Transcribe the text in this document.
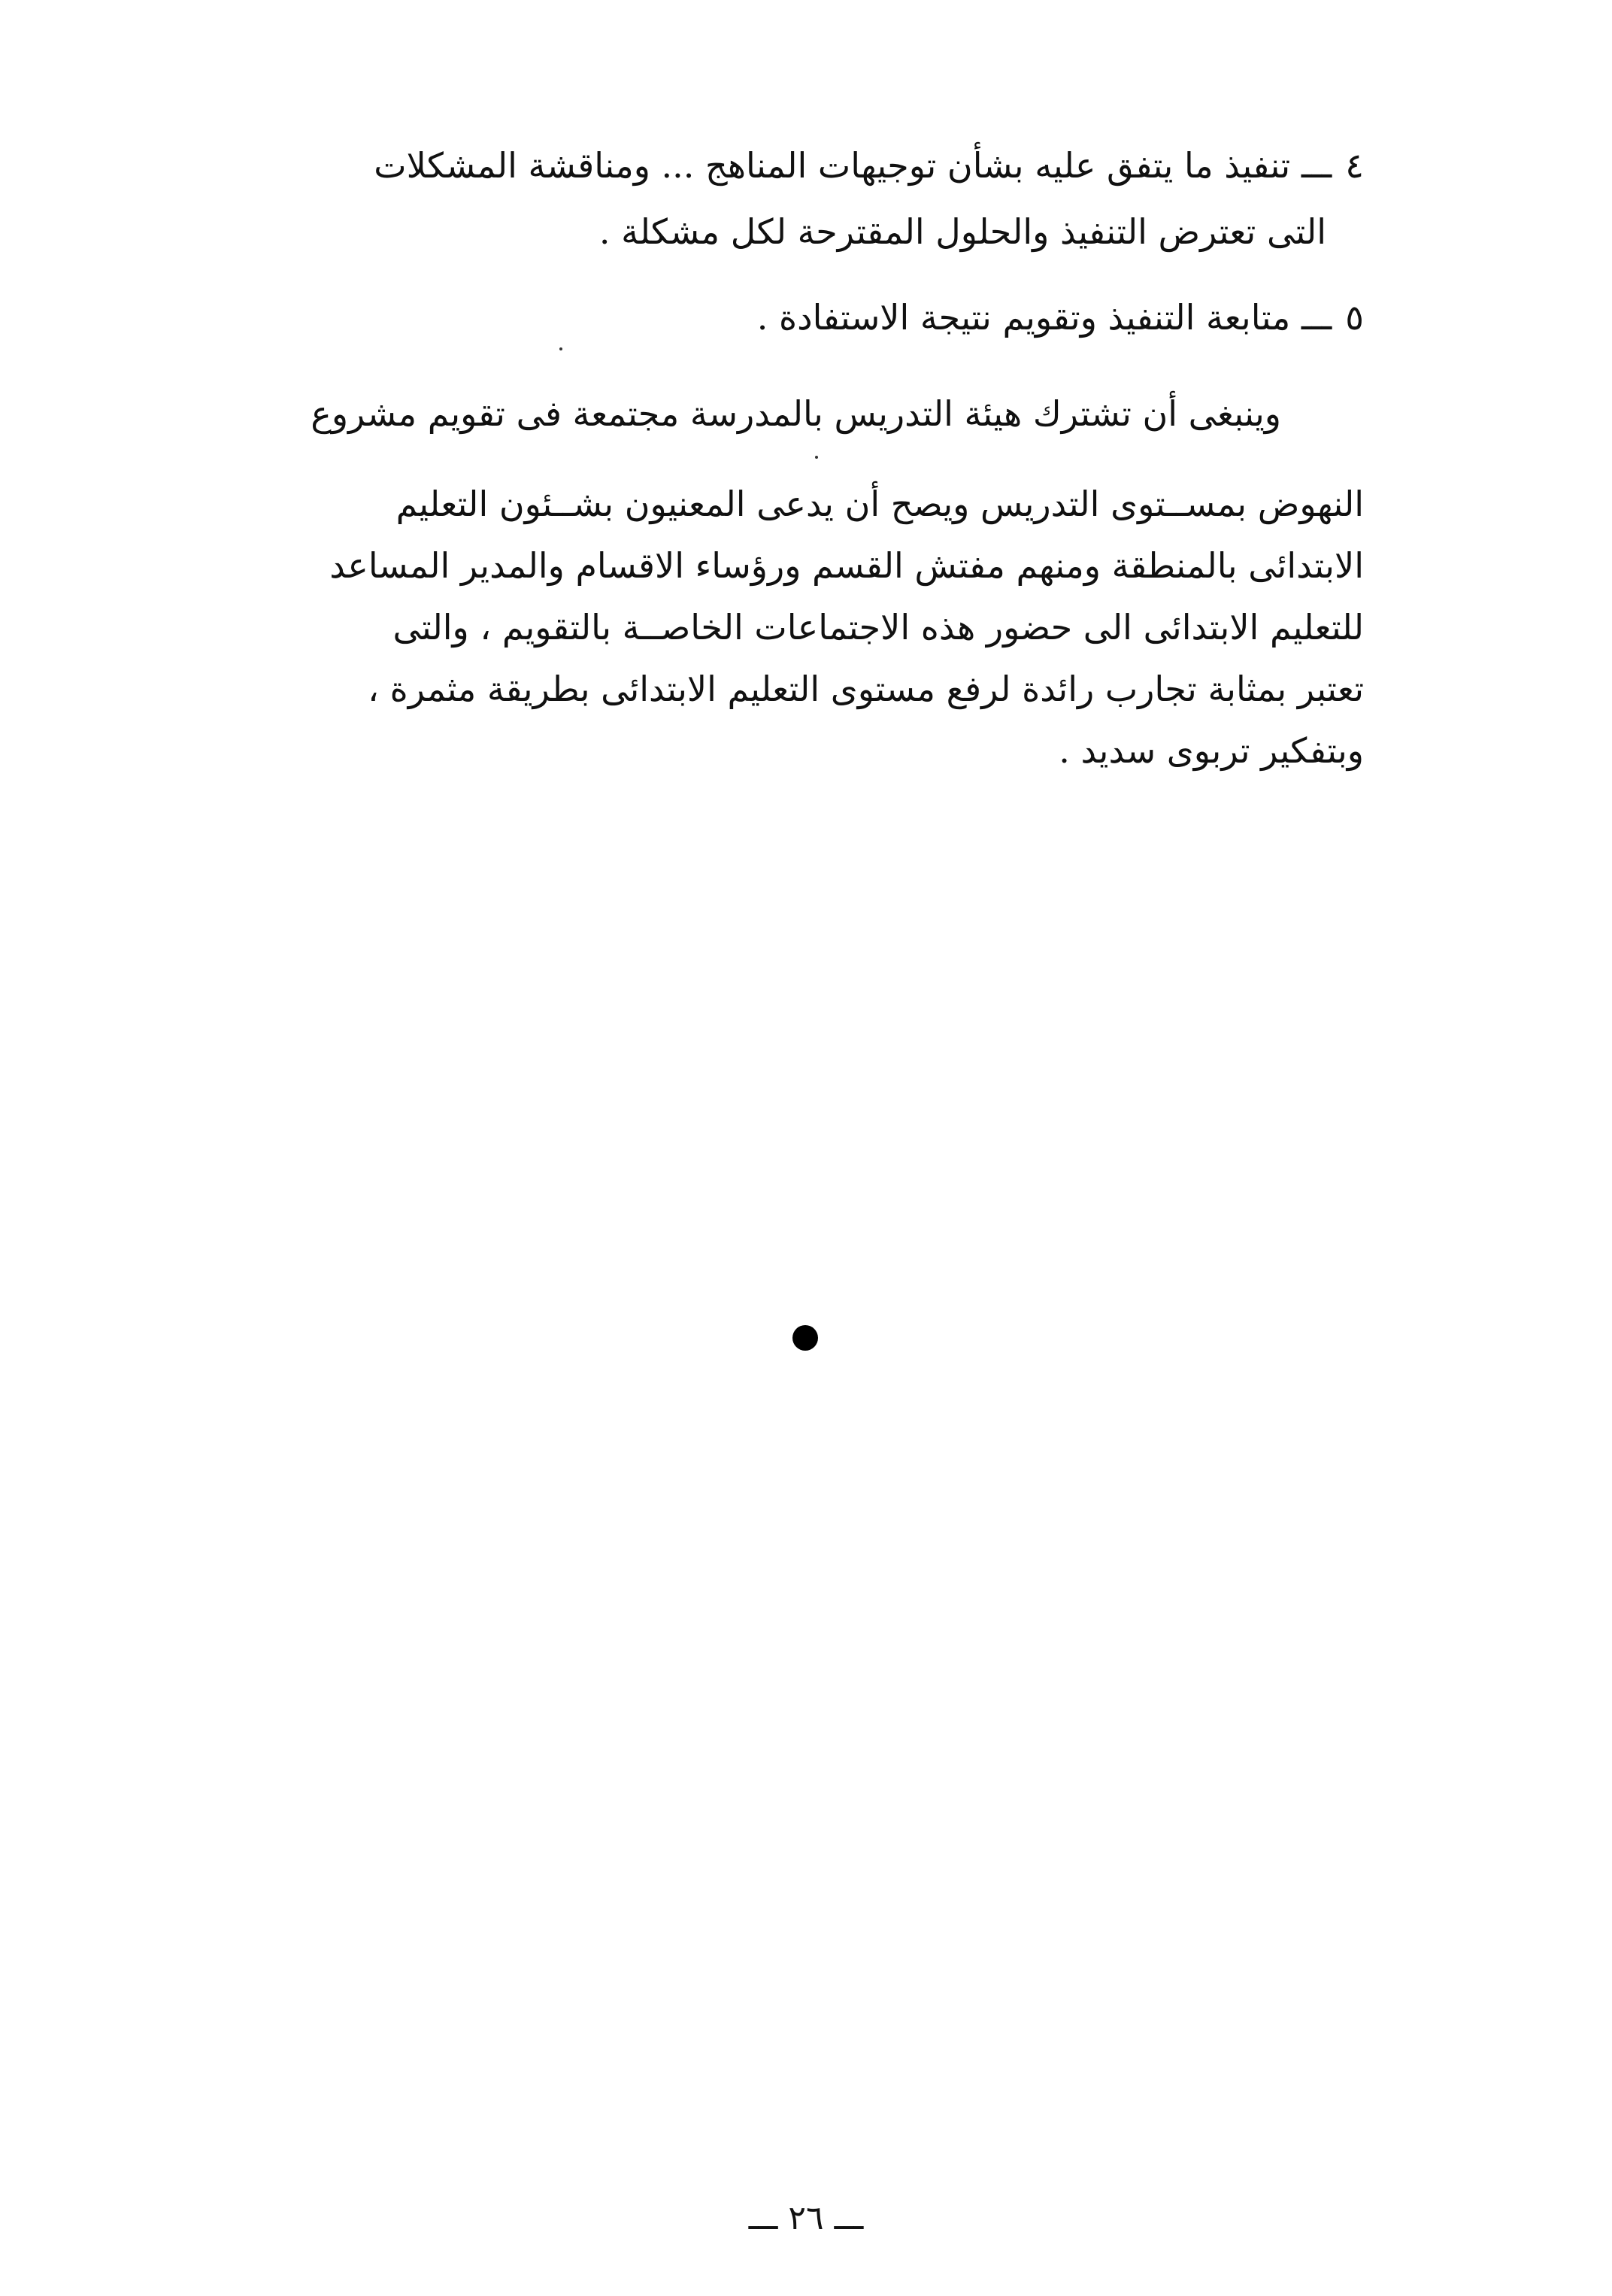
٤ـــ تنفيذ ما يتفق عليه بشأن توجيهات المناهج ... ومناقشة المشكلات
التى تعترض التنفيذ والحلول المقترحة لكل مشكلة .
٥ـــ متابعة التنفيذ وتقويم نتيجة الاستفادة .
وينبغى أن تشترك هيئة التدريس بالمدرسة مجتمعة فى تقويم مشروع
النهوض بمســتوى التدريس ويصح أن يدعى المعنيون بشــئون التعليم
الابتدائى بالمنطقة ومنهم مفتش القسم ورؤساء الاقسام والمدير المساعد
للتعليم الابتدائى الى حضور هذه الاجتماعات الخاصــة بالتقويم ، والتى
تعتبر بمثابة تجارب رائدة لرفع مستوى التعليم الابتدائى بطريقة مثمرة ،
وبتفكير تربوى سديد .
ـــ ٢٦ ـــ
